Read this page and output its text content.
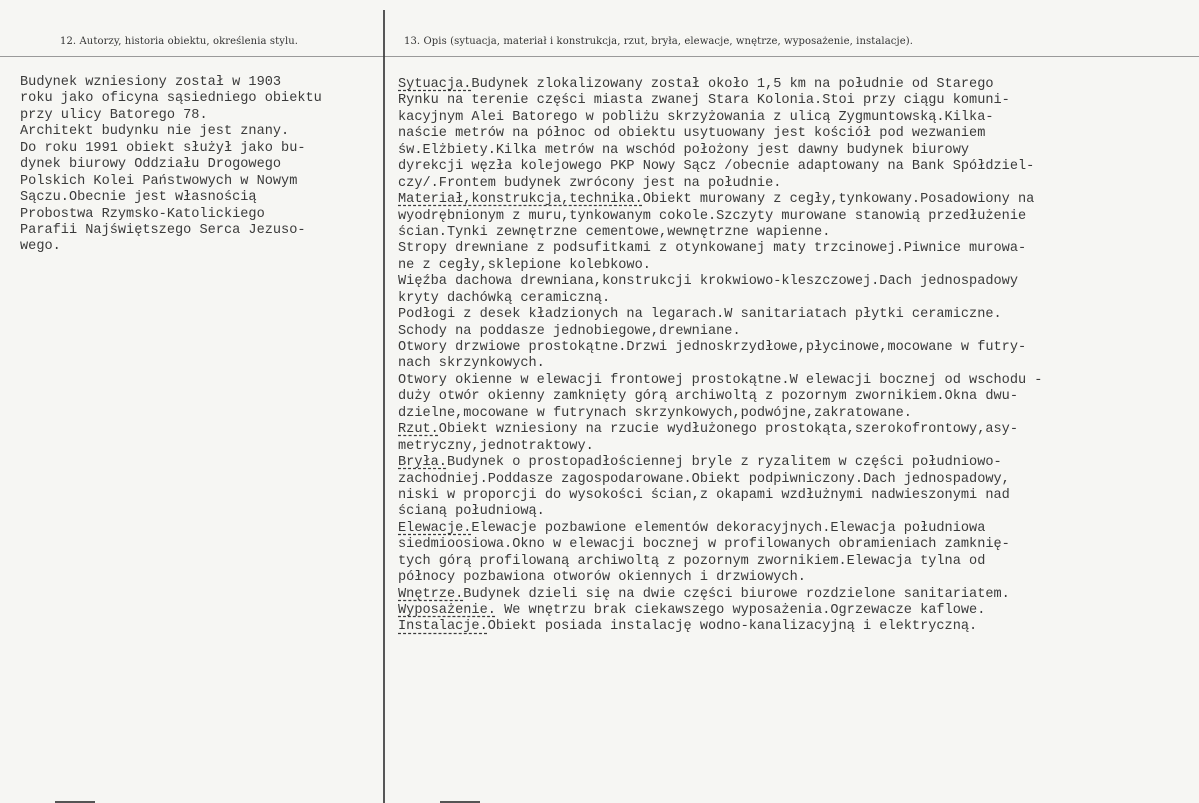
12. Autorzy, historia obiektu, określenia stylu.	13. Opis (sytuacja, materiał i konstrukcja, rzut, bryła, elewacje, wnętrze, wyposażenie, instalacje).
Budynek wzniesiony został w 1903
roku jako oficyna sąsiedniego obiektu
przy ulicy Batorego 78.
Architekt budynku nie jest znany.
Do roku 1991 obiekt służył jako bu-
dynek biurowy Oddziału Drogowego
Polskich Kolei Państwowych w Nowym
Sączu.Obecnie jest własnością
Probostwa Rzymsko-Katolickiego
Parafii Najświętszego Serca Jezuso-
wego.
Sytuacja.Budynek zlokalizowany został około 1,5 km na południe od Starego
Rynku na terenie części miasta zwanej Stara Kolonia.Stoi przy ciągu komuni-
kacyjnym Alei Batorego w pobliżu skrzyżowania z ulicą Zygmuntowską.Kilka-
naście metrów na północ od obiektu usytuowany jest kościół pod wezwaniem
św.Elżbiety.Kilka metrów na wschód położony jest dawny budynek biurowy
dyrekcji węzła kolejowego PKP Nowy Sącz /obecnie adaptowany na Bank Spółdziel-
czy/.Frontem budynek zwrócony jest na południe.
Materiał,konstrukcja,technika.Obiekt murowany z cegły,tynkowany.Posadowiony na
wyodrębnionym z muru,tynkowanym cokole.Szczyty murowane stanowią przedłużenie
ścian.Tynki zewnętrzne cementowe,wewnętrzne wapienne.
Stropy drewniane z podsufitkami z otynkowanej maty trzcinowej.Piwnice murowa-
ne z cegły,sklepione kolebkowo.
Więźba dachowa drewniana,konstrukcji krokwiowo-kleszczowej.Dach jednospadowy
kryty dachówką ceramiczną.
Podłogi z desek kładzionych na legarach.W sanitariatach płytki ceramiczne.
Schody na poddasze jednobiegowe,drewniane.
Otwory drzwiowe prostokątne.Drzwi jednoskrzydłowe,płycinowe,mocowane w futry-
nach skrzynkowych.
Otwory okienne w elewacji frontowej prostokątne.W elewacji bocznej od wschodu -
duży otwór okienny zamknięty górą archiwoltą z pozornym zwornikiem.Okna dwu-
dzielne,mocowane w futrynach skrzynkowych,podwójne,zakratowane.
Rzut.Obiekt wzniesiony na rzucie wydłużonego prostokąta,szerokofrontowy,asy-
metryczny,jednotraktowy.
Bryła.Budynek o prostopadłościennej bryle z ryzalitem w części południowo-
zachodniej.Poddasze zagospodarowane.Obiekt podpiwniczony.Dach jednospadowy,
niski w proporcji do wysokości ścian,z okapami wzdłużnymi nadwieszonymi nad
ścianą południową.
Elewacje.Elewacje pozbawione elementów dekoracyjnych.Elewacja południowa
siedmioosiowa.Okno w elewacji bocznej w profilowanych obramieniach zamknię-
tych górą profilowaną archiwoltą z pozornym zwornikiem.Elewacja tylna od
północy pozbawiona otworów okiennych i drzwiowych.
Wnętrze.Budynek dzieli się na dwie części biurowe rozdzielone sanitariatem.
Wyposażenie. We wnętrzu brak ciekawszego wyposażenia.Ogrzewacze kaflowe.
Instalacje.Obiekt posiada instalację wodno-kanalizacyjną i elektryczną.
